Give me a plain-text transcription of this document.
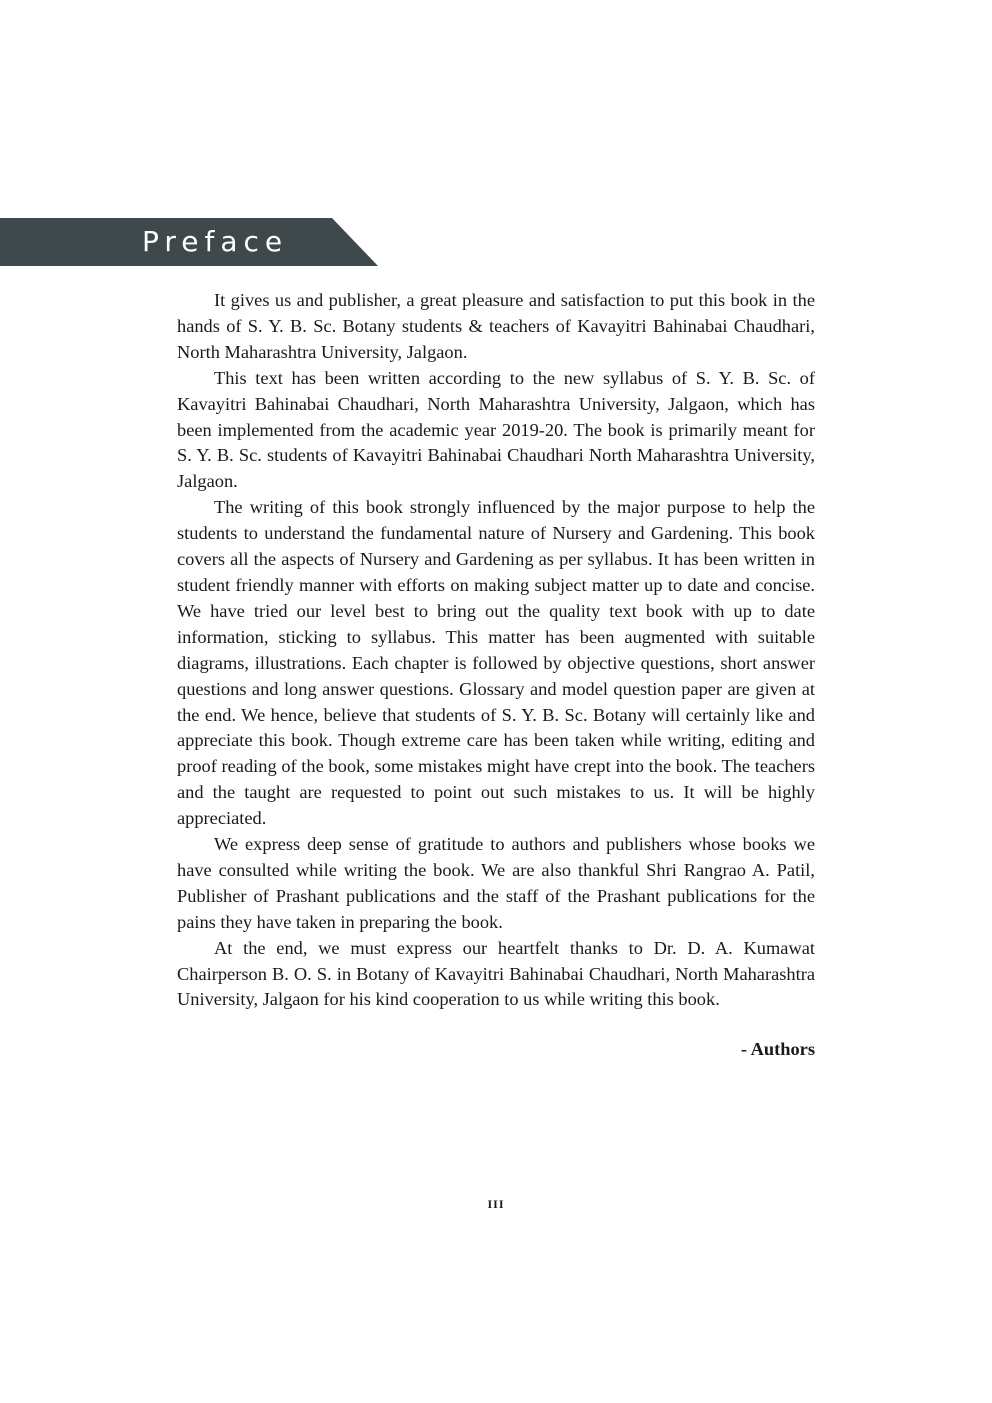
Preface

It gives us and publisher, a great pleasure and satisfaction to put this book in the hands of S. Y. B. Sc. Botany students & teachers of Kavayitri Bahinabai Chaudhari, North Maharashtra University, Jalgaon.

This text has been written according to the new syllabus of S. Y. B. Sc. of Kavayitri Bahinabai Chaudhari, North Maharashtra University, Jalgaon, which has been implemented from the academic year 2019-20. The book is primarily meant for S. Y. B. Sc. students of Kavayitri Bahinabai Chaudhari North Maharashtra University, Jalgaon.

The writing of this book strongly influenced by the major purpose to help the students to understand the fundamental nature of Nursery and Gardening. This book covers all the aspects of Nursery and Gardening as per syllabus. It has been written in student friendly manner with efforts on making subject matter up to date and concise. We have tried our level best to bring out the quality text book with up to date information, sticking to syllabus. This matter has been augmented with suitable diagrams, illustrations. Each chapter is followed by objective questions, short answer questions and long answer questions. Glossary and model question paper are given at the end. We hence, believe that students of S. Y. B. Sc. Botany will certainly like and appreciate this book. Though extreme care has been taken while writing, editing and proof reading of the book, some mistakes might have crept into the book. The teachers and the taught are requested to point out such mistakes to us. It will be highly appreciated.

We express deep sense of gratitude to authors and publishers whose books we have consulted while writing the book. We are also thankful Shri Rangrao A. Patil, Publisher of Prashant publications and the staff of the Prashant publications for the pains they have taken in preparing the book.

At the end, we must express our heartfelt thanks to Dr. D. A. Kumawat Chairperson B. O. S. in Botany of Kavayitri Bahinabai Chaudhari, North Maharashtra University, Jalgaon for his kind cooperation to us while writing this book.

- Authors
III
